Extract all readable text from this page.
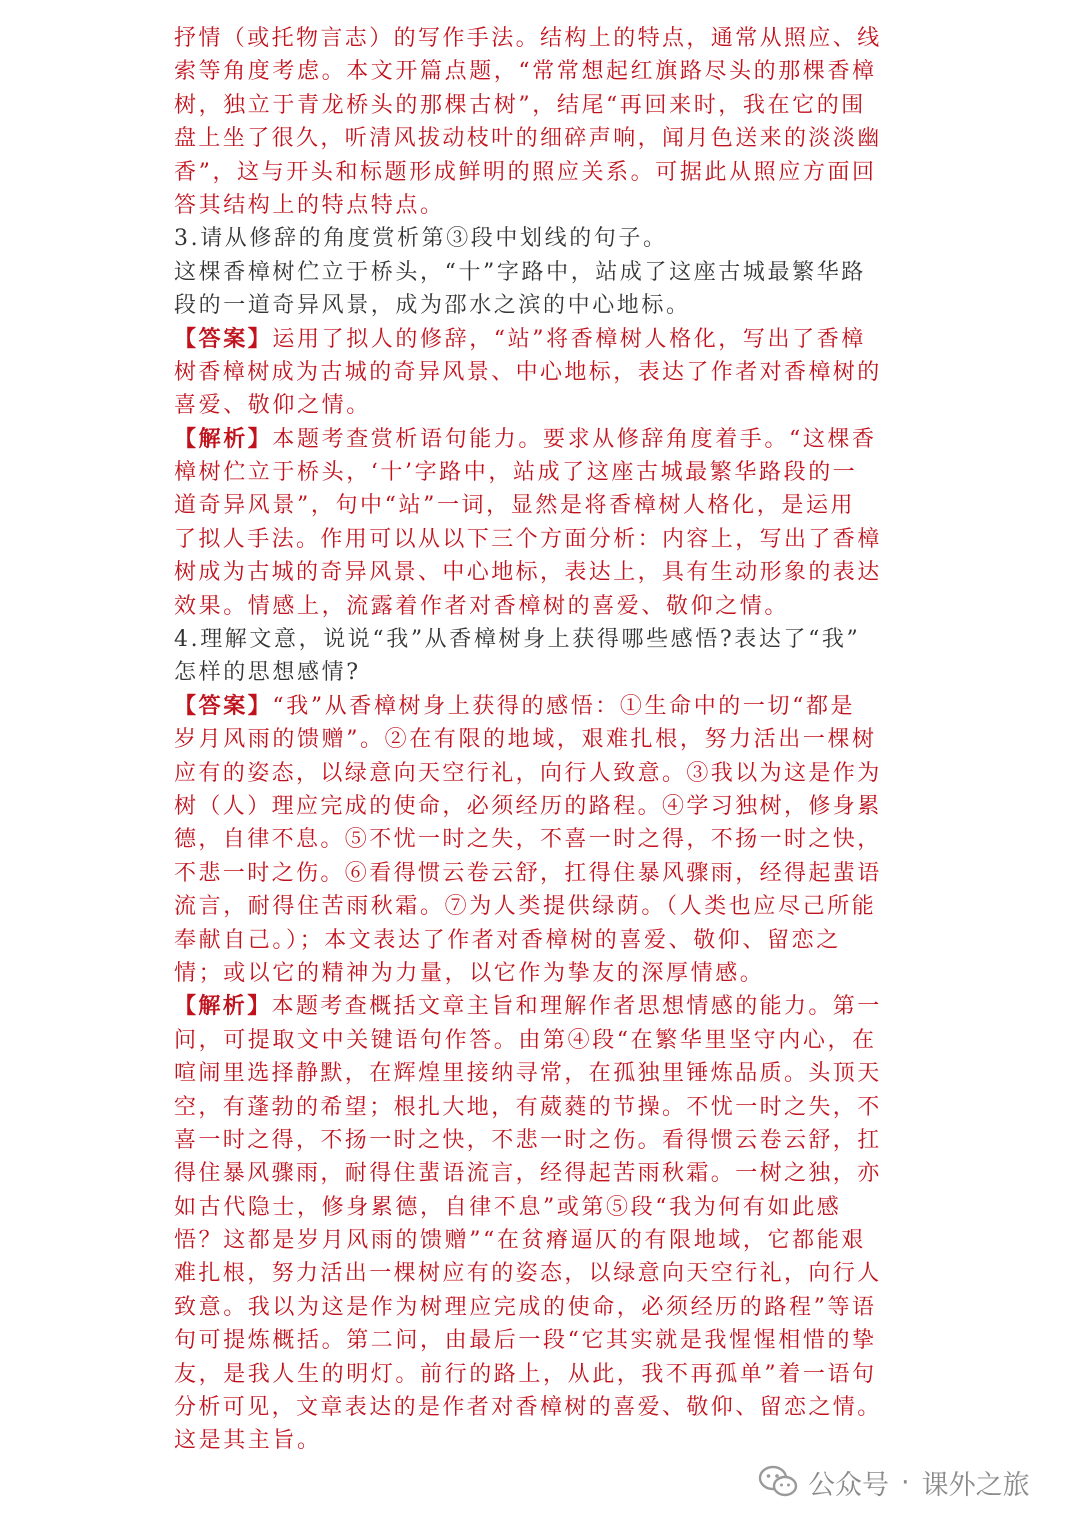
抒情（或托物言志）的写作手法。结构上的特点，通常从照应、线
索等角度考虑。本文开篇点题，“常常想起红旗路尽头的那棵香樟
树，独立于青龙桥头的那棵古树”，结尾“再回来时，我在它的围
盘上坐了很久，听清风拔动枝叶的细碎声响，闻月色送来的淡淡幽
香”，这与开头和标题形成鲜明的照应关系。可据此从照应方面回
答其结构上的特点特点。
3.请从修辞的角度赏析第③段中划线的句子。
这棵香樟树伫立于桥头，“十”字路中，站成了这座古城最繁华路
段的一道奇异风景，成为邵水之滨的中心地标。
【答案】运用了拟人的修辞，“站”将香樟树人格化，写出了香樟
树香樟树成为古城的奇异风景、中心地标，表达了作者对香樟树的
喜爱、敬仰之情。
【解析】本题考查赏析语句能力。要求从修辞角度着手。“这棵香
樟树伫立于桥头，‘十’字路中，站成了这座古城最繁华路段的一
道奇异风景”，句中“站”一词，显然是将香樟树人格化，是运用
了拟人手法。作用可以从以下三个方面分析：内容上，写出了香樟
树成为古城的奇异风景、中心地标，表达上，具有生动形象的表达
效果。情感上，流露着作者对香樟树的喜爱、敬仰之情。
4.理解文意，说说“我”从香樟树身上获得哪些感悟?表达了“我”
怎样的思想感情?
【答案】“我”从香樟树身上获得的感悟：①生命中的一切“都是
岁月风雨的馈赠”。②在有限的地域，艰难扎根，努力活出一棵树
应有的姿态，以绿意向天空行礼，向行人致意。③我以为这是作为
树（人）理应完成的使命，必须经历的路程。④学习独树，修身累
德，自律不息。⑤不忧一时之失，不喜一时之得，不扬一时之快，
不悲一时之伤。⑥看得惯云卷云舒，扛得住暴风骤雨，经得起蜚语
流言，耐得住苦雨秋霜。⑦为人类提供绿荫。（人类也应尽己所能
奉献自己。）；本文表达了作者对香樟树的喜爱、敬仰、留恋之
情；或以它的精神为力量，以它作为挚友的深厚情感。
【解析】本题考查概括文章主旨和理解作者思想情感的能力。第一
问，可提取文中关键语句作答。由第④段“在繁华里坚守内心，在
喧闹里选择静默，在辉煌里接纳寻常，在孤独里锤炼品质。头顶天
空，有蓬勃的希望；根扎大地，有葳蕤的节操。不忧一时之失，不
喜一时之得，不扬一时之快，不悲一时之伤。看得惯云卷云舒，扛
得住暴风骤雨，耐得住蜚语流言，经得起苦雨秋霜。一树之独，亦
如古代隐士，修身累德，自律不息”或第⑤段“我为何有如此感
悟？这都是岁月风雨的馈赠”“在贫瘠逼仄的有限地域，它都能艰
难扎根，努力活出一棵树应有的姿态，以绿意向天空行礼，向行人
致意。我以为这是作为树理应完成的使命，必须经历的路程”等语
句可提炼概括。第二问，由最后一段“它其实就是我惺惺相惜的挚
友，是我人生的明灯。前行的路上，从此，我不再孤单”着一语句
分析可见，文章表达的是作者对香樟树的喜爱、敬仰、留恋之情。
这是其主旨。
公众号 · 课外之旅
